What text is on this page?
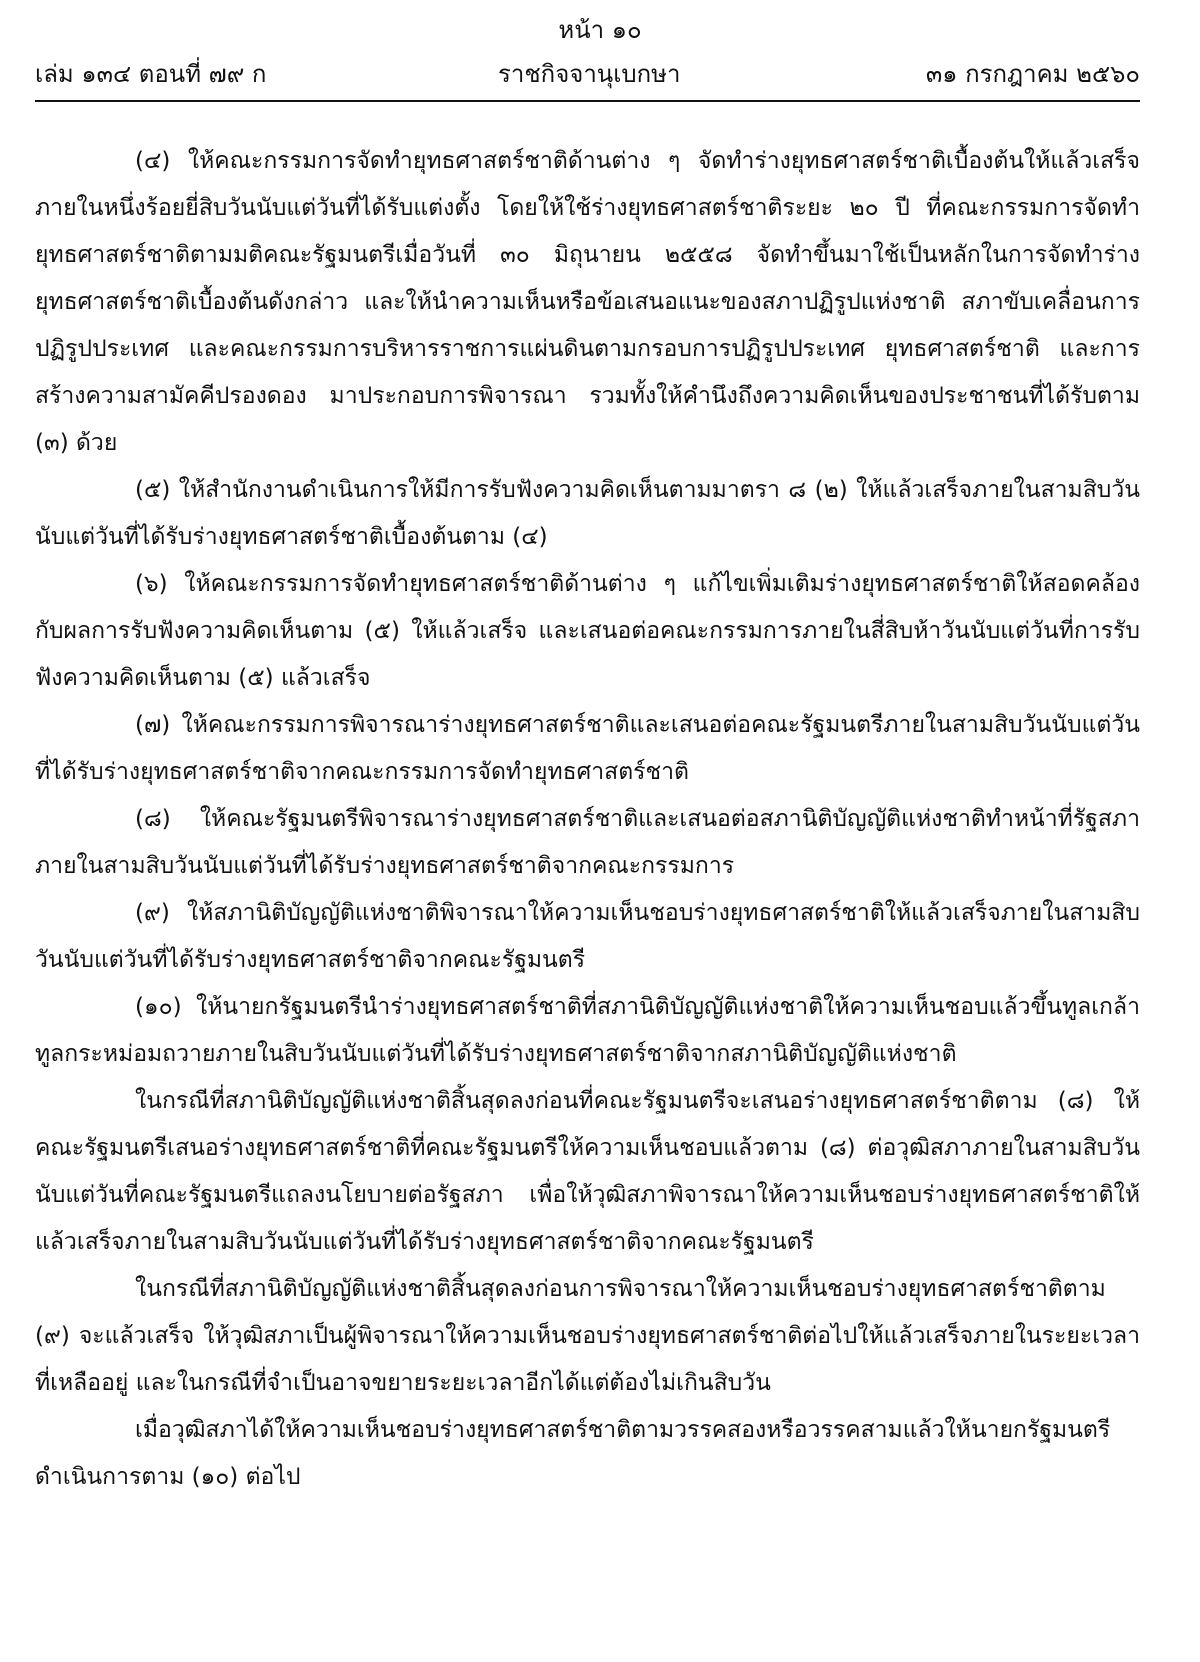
หน้า ๑๐
เล่ม ๑๓๔ ตอนที่ ๗๙ ก	ราชกิจจานุเบกษา	๓๑ กรกฎาคม ๒๕๖๐

(๔) ให้คณะกรรมการจัดทำยุทธศาสตร์ชาติด้านต่าง ๆ จัดทำร่างยุทธศาสตร์ชาติเบื้องต้นให้แล้วเสร็จภายในหนึ่งร้อยยี่สิบวันนับแต่วันที่ได้รับแต่งตั้ง โดยให้ใช้ร่างยุทธศาสตร์ชาติระยะ ๒๐ ปี ที่คณะกรรมการจัดทำยุทธศาสตร์ชาติตามมติคณะรัฐมนตรีเมื่อวันที่ ๓๐ มิถุนายน ๒๕๕๘ จัดทำขึ้นมาใช้เป็นหลักในการจัดทำร่างยุทธศาสตร์ชาติเบื้องต้นดังกล่าว และให้นำความเห็นหรือข้อเสนอแนะของสภาปฏิรูปแห่งชาติ สภาขับเคลื่อนการปฏิรูปประเทศ และคณะกรรมการบริหารราชการแผ่นดินตามกรอบการปฏิรูปประเทศ ยุทธศาสตร์ชาติ และการสร้างความสามัคคีปรองดอง มาประกอบการพิจารณา รวมทั้งให้คำนึงถึงความคิดเห็นของประชาชนที่ได้รับตาม (๓) ด้วย

(๕) ให้สำนักงานดำเนินการให้มีการรับฟังความคิดเห็นตามมาตรา ๘ (๒) ให้แล้วเสร็จภายในสามสิบวันนับแต่วันที่ได้รับร่างยุทธศาสตร์ชาติเบื้องต้นตาม (๔)

(๖) ให้คณะกรรมการจัดทำยุทธศาสตร์ชาติด้านต่าง ๆ แก้ไขเพิ่มเติมร่างยุทธศาสตร์ชาติให้สอดคล้องกับผลการรับฟังความคิดเห็นตาม (๕) ให้แล้วเสร็จ และเสนอต่อคณะกรรมการภายในสี่สิบห้าวันนับแต่วันที่การรับฟังความคิดเห็นตาม (๕) แล้วเสร็จ

(๗) ให้คณะกรรมการพิจารณาร่างยุทธศาสตร์ชาติและเสนอต่อคณะรัฐมนตรีภายในสามสิบวันนับแต่วันที่ได้รับร่างยุทธศาสตร์ชาติจากคณะกรรมการจัดทำยุทธศาสตร์ชาติ

(๘) ให้คณะรัฐมนตรีพิจารณาร่างยุทธศาสตร์ชาติและเสนอต่อสภานิติบัญญัติแห่งชาติทำหน้าที่รัฐสภาภายในสามสิบวันนับแต่วันที่ได้รับร่างยุทธศาสตร์ชาติจากคณะกรรมการ

(๙) ให้สภานิติบัญญัติแห่งชาติพิจารณาให้ความเห็นชอบร่างยุทธศาสตร์ชาติให้แล้วเสร็จภายในสามสิบวันนับแต่วันที่ได้รับร่างยุทธศาสตร์ชาติจากคณะรัฐมนตรี

(๑๐) ให้นายกรัฐมนตรีนำร่างยุทธศาสตร์ชาติที่สภานิติบัญญัติแห่งชาติให้ความเห็นชอบแล้วขึ้นทูลเกล้าทูลกระหม่อมถวายภายในสิบวันนับแต่วันที่ได้รับร่างยุทธศาสตร์ชาติจากสภานิติบัญญัติแห่งชาติ

ในกรณีที่สภานิติบัญญัติแห่งชาติสิ้นสุดลงก่อนที่คณะรัฐมนตรีจะเสนอร่างยุทธศาสตร์ชาติตาม (๘) ให้คณะรัฐมนตรีเสนอร่างยุทธศาสตร์ชาติที่คณะรัฐมนตรีให้ความเห็นชอบแล้วตาม (๘) ต่อวุฒิสภาภายในสามสิบวันนับแต่วันที่คณะรัฐมนตรีแถลงนโยบายต่อรัฐสภา เพื่อให้วุฒิสภาพิจารณาให้ความเห็นชอบร่างยุทธศาสตร์ชาติให้แล้วเสร็จภายในสามสิบวันนับแต่วันที่ได้รับร่างยุทธศาสตร์ชาติจากคณะรัฐมนตรี

ในกรณีที่สภานิติบัญญัติแห่งชาติสิ้นสุดลงก่อนการพิจารณาให้ความเห็นชอบร่างยุทธศาสตร์ชาติตาม (๙) จะแล้วเสร็จ ให้วุฒิสภาเป็นผู้พิจารณาให้ความเห็นชอบร่างยุทธศาสตร์ชาติต่อไปให้แล้วเสร็จภายในระยะเวลาที่เหลืออยู่ และในกรณีที่จำเป็นอาจขยายระยะเวลาอีกได้แต่ต้องไม่เกินสิบวัน

เมื่อวุฒิสภาได้ให้ความเห็นชอบร่างยุทธศาสตร์ชาติตามวรรคสองหรือวรรคสามแล้วให้นายกรัฐมนตรีดำเนินการตาม (๑๐) ต่อไป
